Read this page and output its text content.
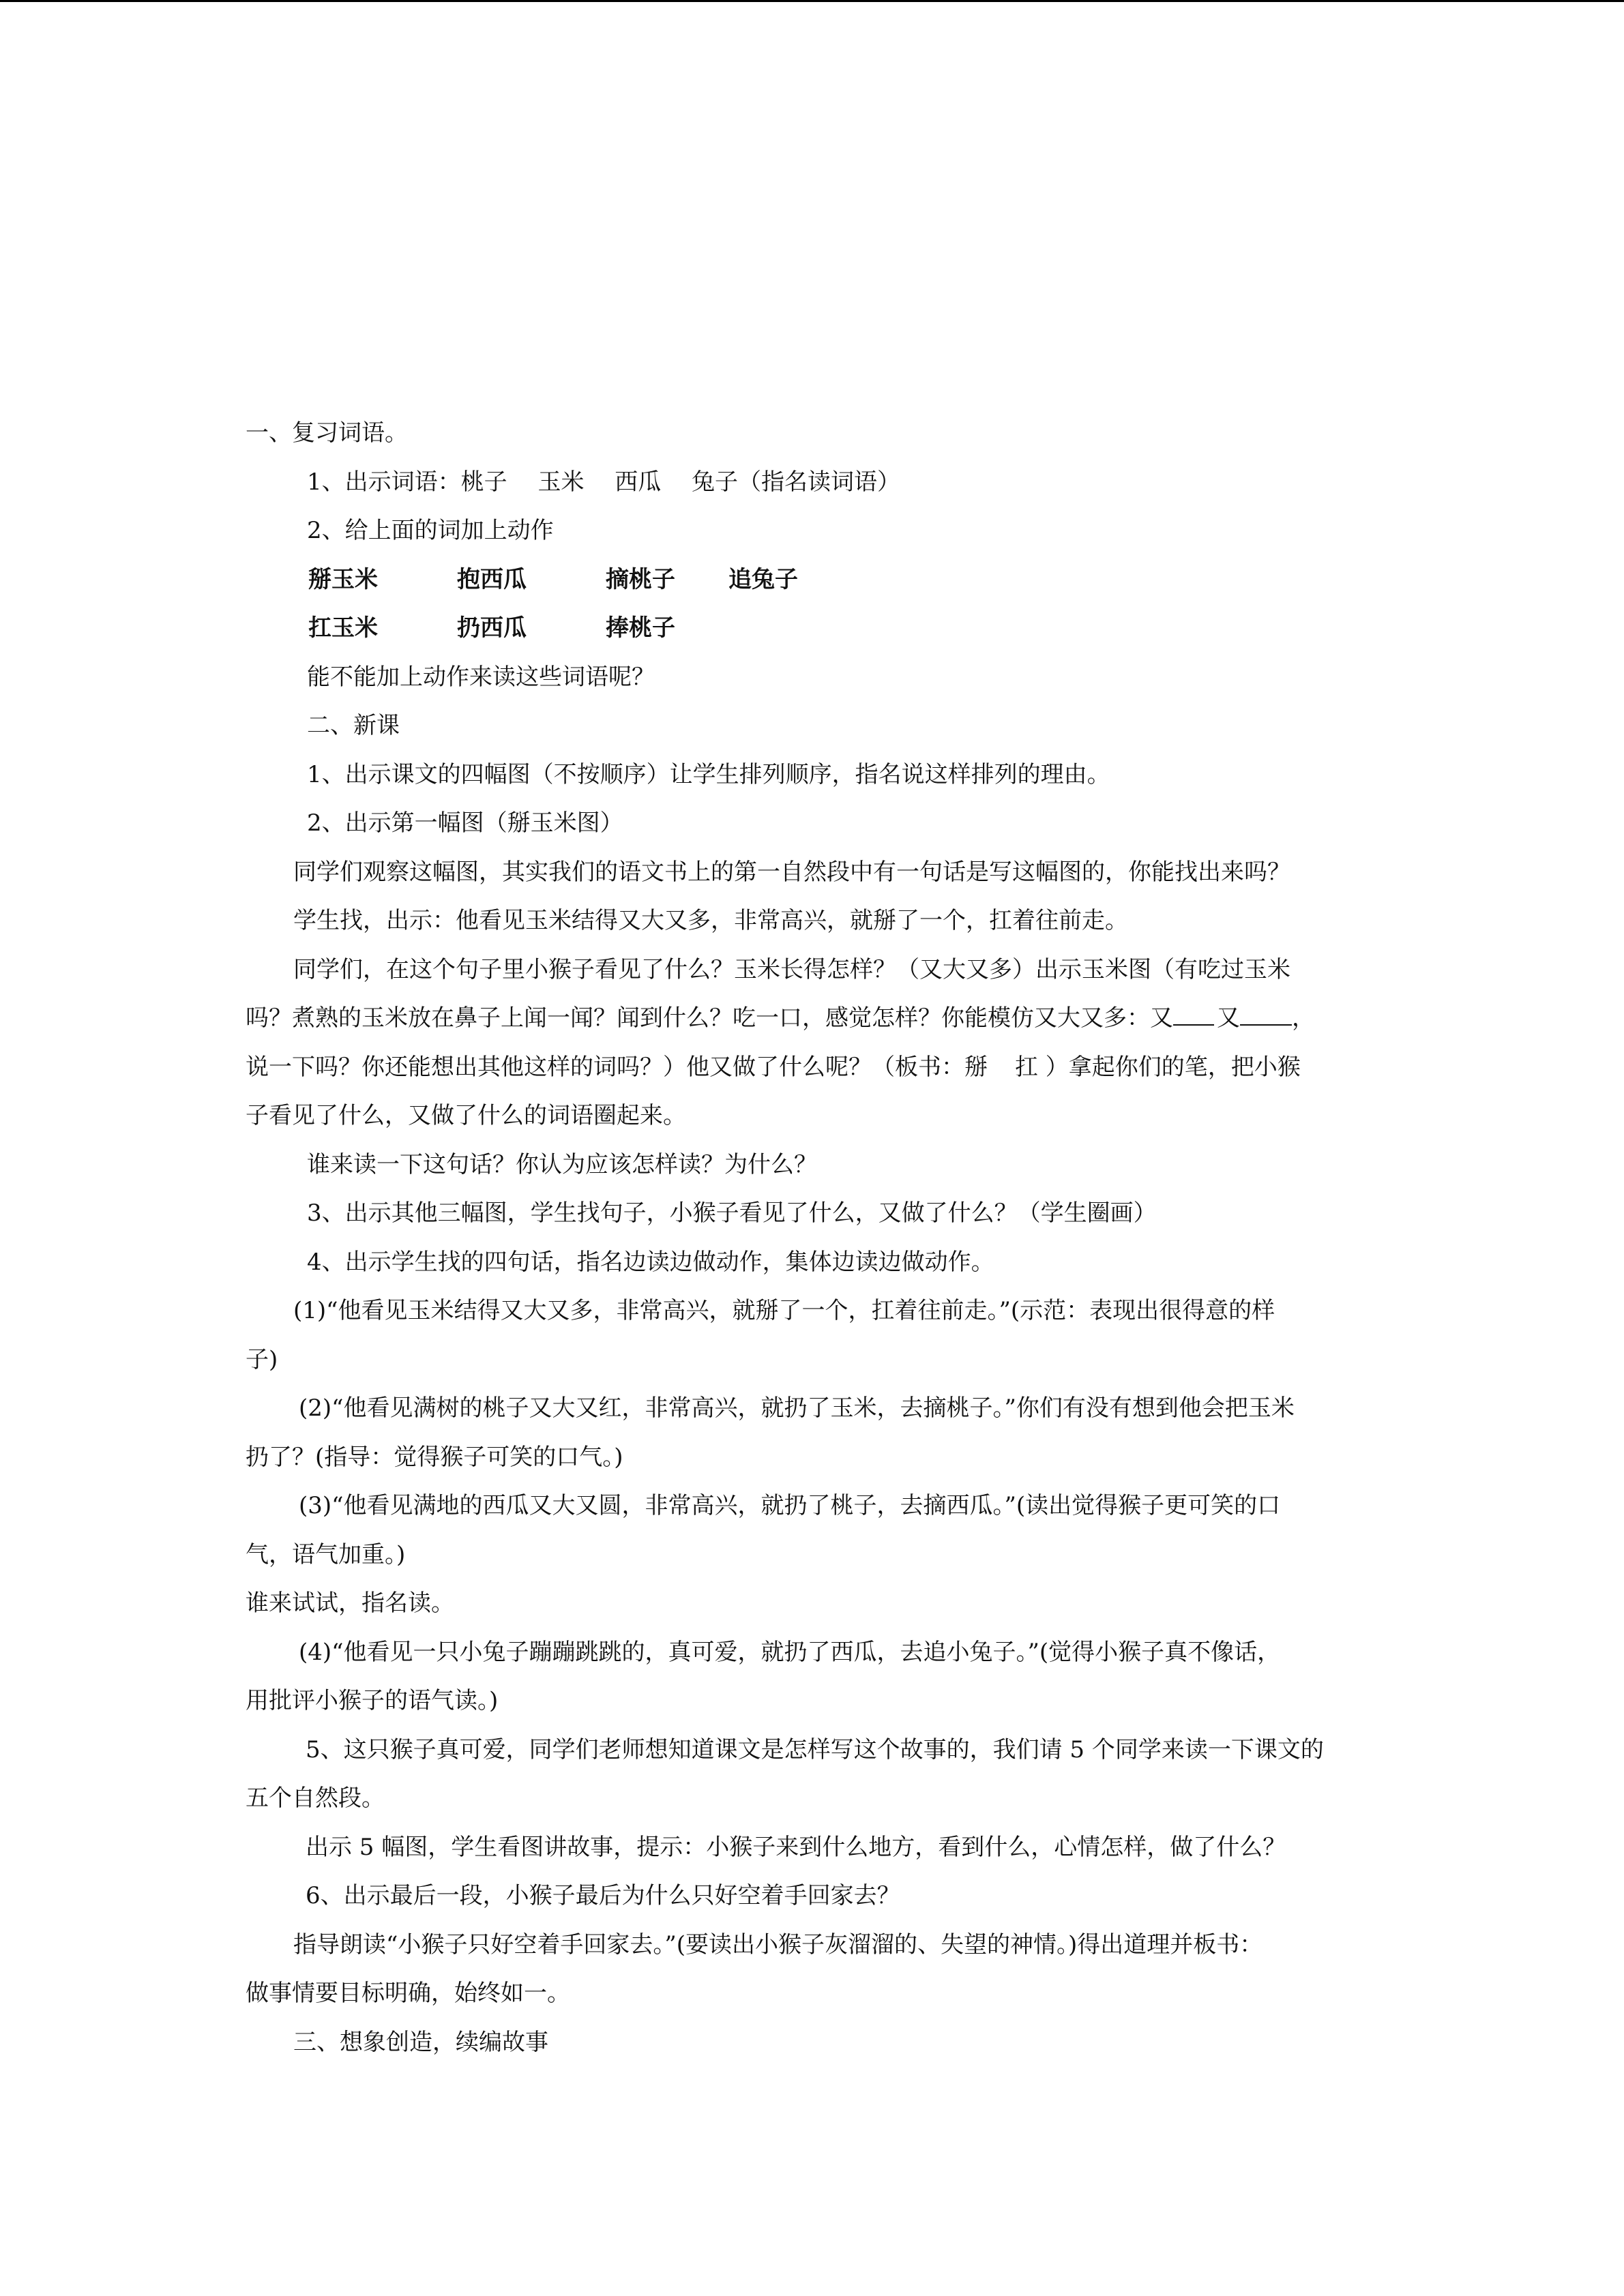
一、复习词语。
1、出示词语：桃子　 玉米　 西瓜　 兔子（指名读词语）
2、给上面的词加上动作
掰玉米	抱西瓜	摘桃子 追兔子
扛玉米	扔西瓜	捧桃子
能不能加上动作来读这些词语呢？
二、新课
1、出示课文的四幅图（不按顺序）让学生排列顺序，指名说这样排列的理由。
2、出示第一幅图（掰玉米图）
同学们观察这幅图，其实我们的语文书上的第一自然段中有一句话是写这幅图的，你能找出来吗？
学生找，出示：他看见玉米结得又大又多，非常高兴，就掰了一个，扛着往前走。
同学们，在这个句子里小猴子看见了什么？玉米长得怎样？（又大又多）出示玉米图（有吃过玉米
吗？煮熟的玉米放在鼻子上闻一闻？闻到什么？吃一口，感觉怎样？你能模仿又大又多：又 又 ，
说一下吗？你还能想出其他这样的词吗？）他又做了什么呢？（板书：掰 扛 ）拿起你们的笔，把小猴
子看见了什么，又做了什么的词语圈起来。
谁来读一下这句话？你认为应该怎样读？为什么？
3、出示其他三幅图，学生找句子，小猴子看见了什么，又做了什么？（学生圈画）
4、出示学生找的四句话，指名边读边做动作，集体边读边做动作。
(1)“他看见玉米结得又大又多，非常高兴，就掰了一个，扛着往前走。”(示范：表现出很得意的样
子)
(2)“他看见满树的桃子又大又红，非常高兴，就扔了玉米，去摘桃子。”你们有没有想到他会把玉米
扔了？(指导：觉得猴子可笑的口气。)
(3)“他看见满地的西瓜又大又圆，非常高兴，就扔了桃子，去摘西瓜。”(读出觉得猴子更可笑的口
气，语气加重。)
谁来试试，指名读。
(4)“他看见一只小兔子蹦蹦跳跳的，真可爱，就扔了西瓜，去追小兔子。”(觉得小猴子真不像话，
用批评小猴子的语气读。)
5、这只猴子真可爱，同学们老师想知道课文是怎样写这个故事的，我们请 5 个同学来读一下课文的
五个自然段。
出示 5 幅图，学生看图讲故事，提示：小猴子来到什么地方，看到什么，心情怎样，做了什么？
6、出示最后一段，小猴子最后为什么只好空着手回家去？
指导朗读“小猴子只好空着手回家去。”(要读出小猴子灰溜溜的、失望的神情。)得出道理并板书：
做事情要目标明确，始终如一。
三、想象创造，续编故事
